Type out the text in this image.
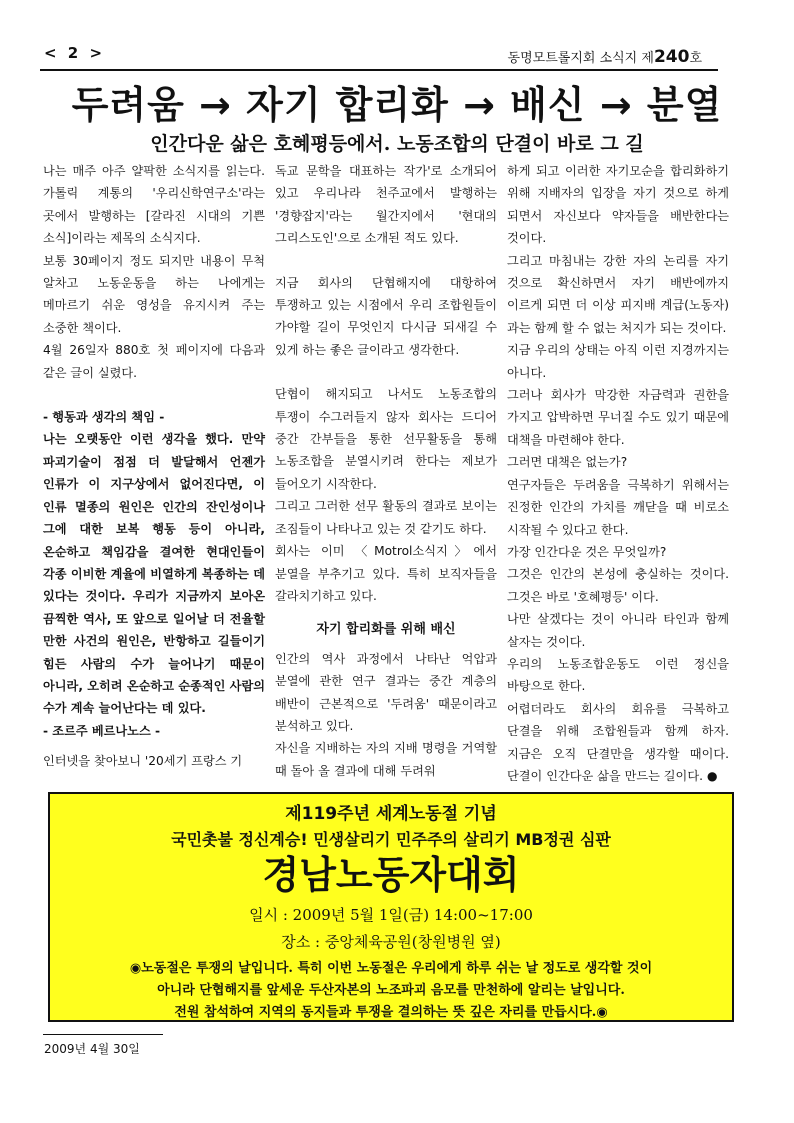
< 2 >	동명모트롤지회 소식지 제240호
두려움 → 자기 합리화 → 배신 → 분열
인간다운 삶은 호혜평등에서. 노동조합의 단결이 바로 그 길

나는 매주 아주 얄팍한 소식지를 읽는다. 가톨릭 계통의 '우리신학연구소'라는 곳에서 발행하는 [갈라진 시대의 기쁜 소식]이라는 제목의 소식지다.

보통 30페이지 정도 되지만 내용이 무척 알차고 노동운동을 하는 나에게는 메마르기 쉬운 영성을 유지시켜 주는 소중한 책이다.

4월 26일자 880호 첫 페이지에 다음과 같은 글이 실렸다.

- 행동과 생각의 책임 -

나는 오랫동안 이런 생각을 했다. 만약 파괴기술이 점점 더 발달해서 언젠가 인류가 이 지구상에서 없어진다면, 이 인류 멸종의 원인은 인간의 잔인성이나 그에 대한 보복 행동 등이 아니라, 온순하고 책임감을 결여한 현대인들이 각종 이비한 계율에 비열하게 복종하는 데 있다는 것이다. 우리가 지금까지 보아온 끔찍한 역사, 또 앞으로 일어날 더 전율할 만한 사건의 원인은, 반항하고 길들이기 힘든 사람의 수가 늘어나기 때문이 아니라, 오히려 온순하고 순종적인 사람의 수가 계속 늘어난다는 데 있다.

- 조르주 베르나노스 -

인터넷을 찾아보니 '20세기 프랑스 기

독교 문학을 대표하는 작가'로 소개되어 있고 우리나라 천주교에서 발행하는 '경향잡지'라는 월간지에서 '현대의 그리스도인'으로 소개된 적도 있다.

지금 회사의 단협해지에 대항하여 투쟁하고 있는 시점에서 우리 조합원들이 가야할 길이 무엇인지 다시금 되새길 수 있게 하는 좋은 글이라고 생각한다.

단협이 해지되고 나서도 노동조합의 투쟁이 수그러들지 않자 회사는 드디어 중간 간부들을 통한 선무활동을 통해 노동조합을 분열시키려 한다는 제보가 들어오기 시작한다.

그리고 그러한 선무 활동의 결과로 보이는 조짐들이 나타나고 있는 것 같기도 하다.

회사는 이미 〈Motrol소식지〉에서 분열을 부추기고 있다. 특히 보직자들을 갈라치기하고 있다.

자기 합리화를 위해 배신

인간의 역사 과정에서 나타난 억압과 분열에 관한 연구 결과는 중간 계층의 배반이 근본적으로 '두려움' 때문이라고 분석하고 있다.

자신을 지배하는 자의 지배 명령을 거역할 때 돌아 올 결과에 대해 두려워

하게 되고 이러한 자기모순을 합리화하기 위해 지배자의 입장을 자기 것으로 하게 되면서 자신보다 약자들을 배반한다는 것이다.

그리고 마침내는 강한 자의 논리를 자기 것으로 확신하면서 자기 배반에까지 이르게 되면 더 이상 피지배 계급(노동자)과는 함께 할 수 없는 처지가 되는 것이다.

지금 우리의 상태는 아직 이런 지경까지는 아니다.

그러나 회사가 막강한 자금력과 권한을 가지고 압박하면 무너질 수도 있기 때문에 대책을 마련해야 한다.

그러면 대책은 없는가?

연구자들은 두려움을 극복하기 위해서는 진정한 인간의 가치를 깨닫을 때 비로소 시작될 수 있다고 한다.

가장 인간다운 것은 무엇일까?

그것은 인간의 본성에 충실하는 것이다. 그것은 바로 '호혜평등' 이다.

나만 살겠다는 것이 아니라 타인과 함께 살자는 것이다.

우리의 노동조합운동도 이런 정신을 바탕으로 한다.

어렵더라도 회사의 회유를 극복하고 단결을 위해 조합원들과 함께 하자. 지금은 오직 단결만을 생각할 때이다. 단결이 인간다운 삶을 만드는 길이다. ●

제119주년 세계노동절 기념
국민촛불 정신계승! 민생살리기 민주주의 살리기 MB정권 심판
경남노동자대회
일시 : 2009년 5월 1일(금) 14:00~17:00
장소 : 중앙체육공원(창원병원 옆)
◉노동절은 투쟁의 날입니다. 특히 이번 노동절은 우리에게 하루 쉬는 날 정도로 생각할 것이
아니라 단협해지를 앞세운 두산자본의 노조파괴 음모를 만천하에 알리는 날입니다.
전원 참석하여 지역의 동지들과 투쟁을 결의하는 뜻 깊은 자리를 만듭시다.◉
2009년 4월 30일
